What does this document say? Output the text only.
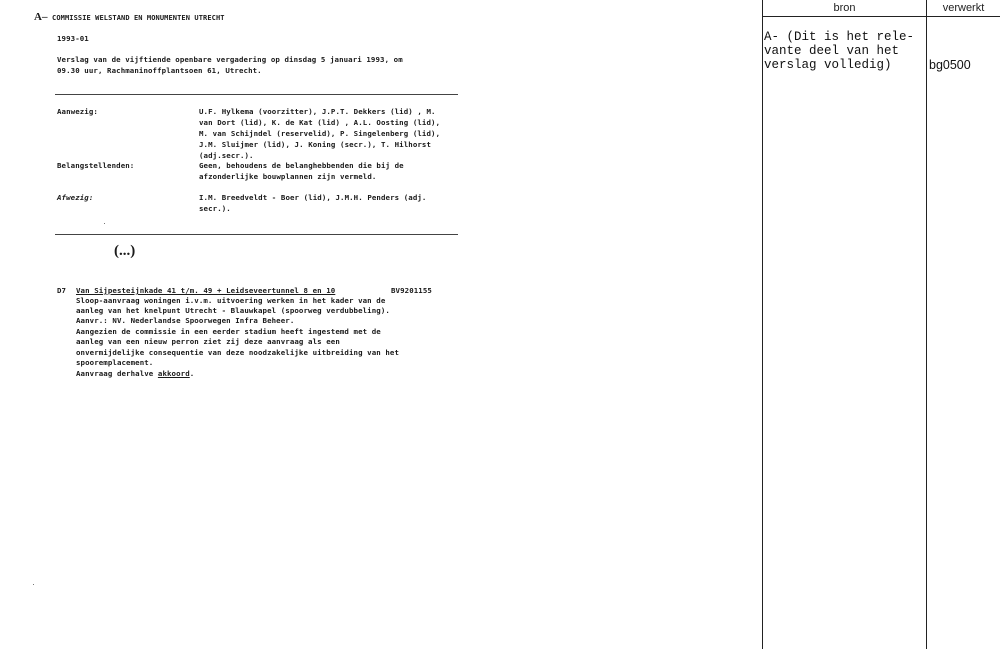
A– COMMISSIE WELSTAND EN MONUMENTEN UTRECHT
1993-01
Verslag van de vijftiende openbare vergadering op dinsdag 5 januari 1993, om
09.30 uur, Rachmaninoffplantsoen 61, Utrecht.
Aanwezig:	U.F. Hylkema (voorzitter), J.P.T. Dekkers (lid) , M.
van Dort (lid), K. de Kat (lid) , A.L. Oosting (lid),
M. van Schijndel (reservelid), P. Singelenberg (lid),
J.M. Sluijmer (lid), J. Koning (secr.), T. Hilhorst
(adj.secr.).
Belangstellenden:	Geen, behoudens de belanghebbenden die bij de
afzonderlijke bouwplannen zijn vermeld.
Afwezig:	I.M. Breedveldt - Boer (lid), J.M.H. Penders (adj.
secr.).
(...)
D7 Van Sijpesteijnkade 41 t/m. 49 + Leidseveertunnel 8 en 10	BV9201155
Sloop-aanvraag woningen i.v.m. uitvoering werken in het kader van de
aanleg van het knelpunt Utrecht - Blauwkapel (spoorweg verdubbeling).
Aanvr.: NV. Nederlandse Spoorwegen Infra Beheer.
Aangezien de commissie in een eerder stadium heeft ingestemd met de
aanleg van een nieuw perron ziet zij deze aanvraag als een
onvermijdelijke consequentie van deze noodzakelijke uitbreiding van het
spooremplacement.
Aanvraag derhalve akkoord.
bron	verwerkt
A- (Dit is het rele-
vante deel van het
verslag volledig)	bg0500
